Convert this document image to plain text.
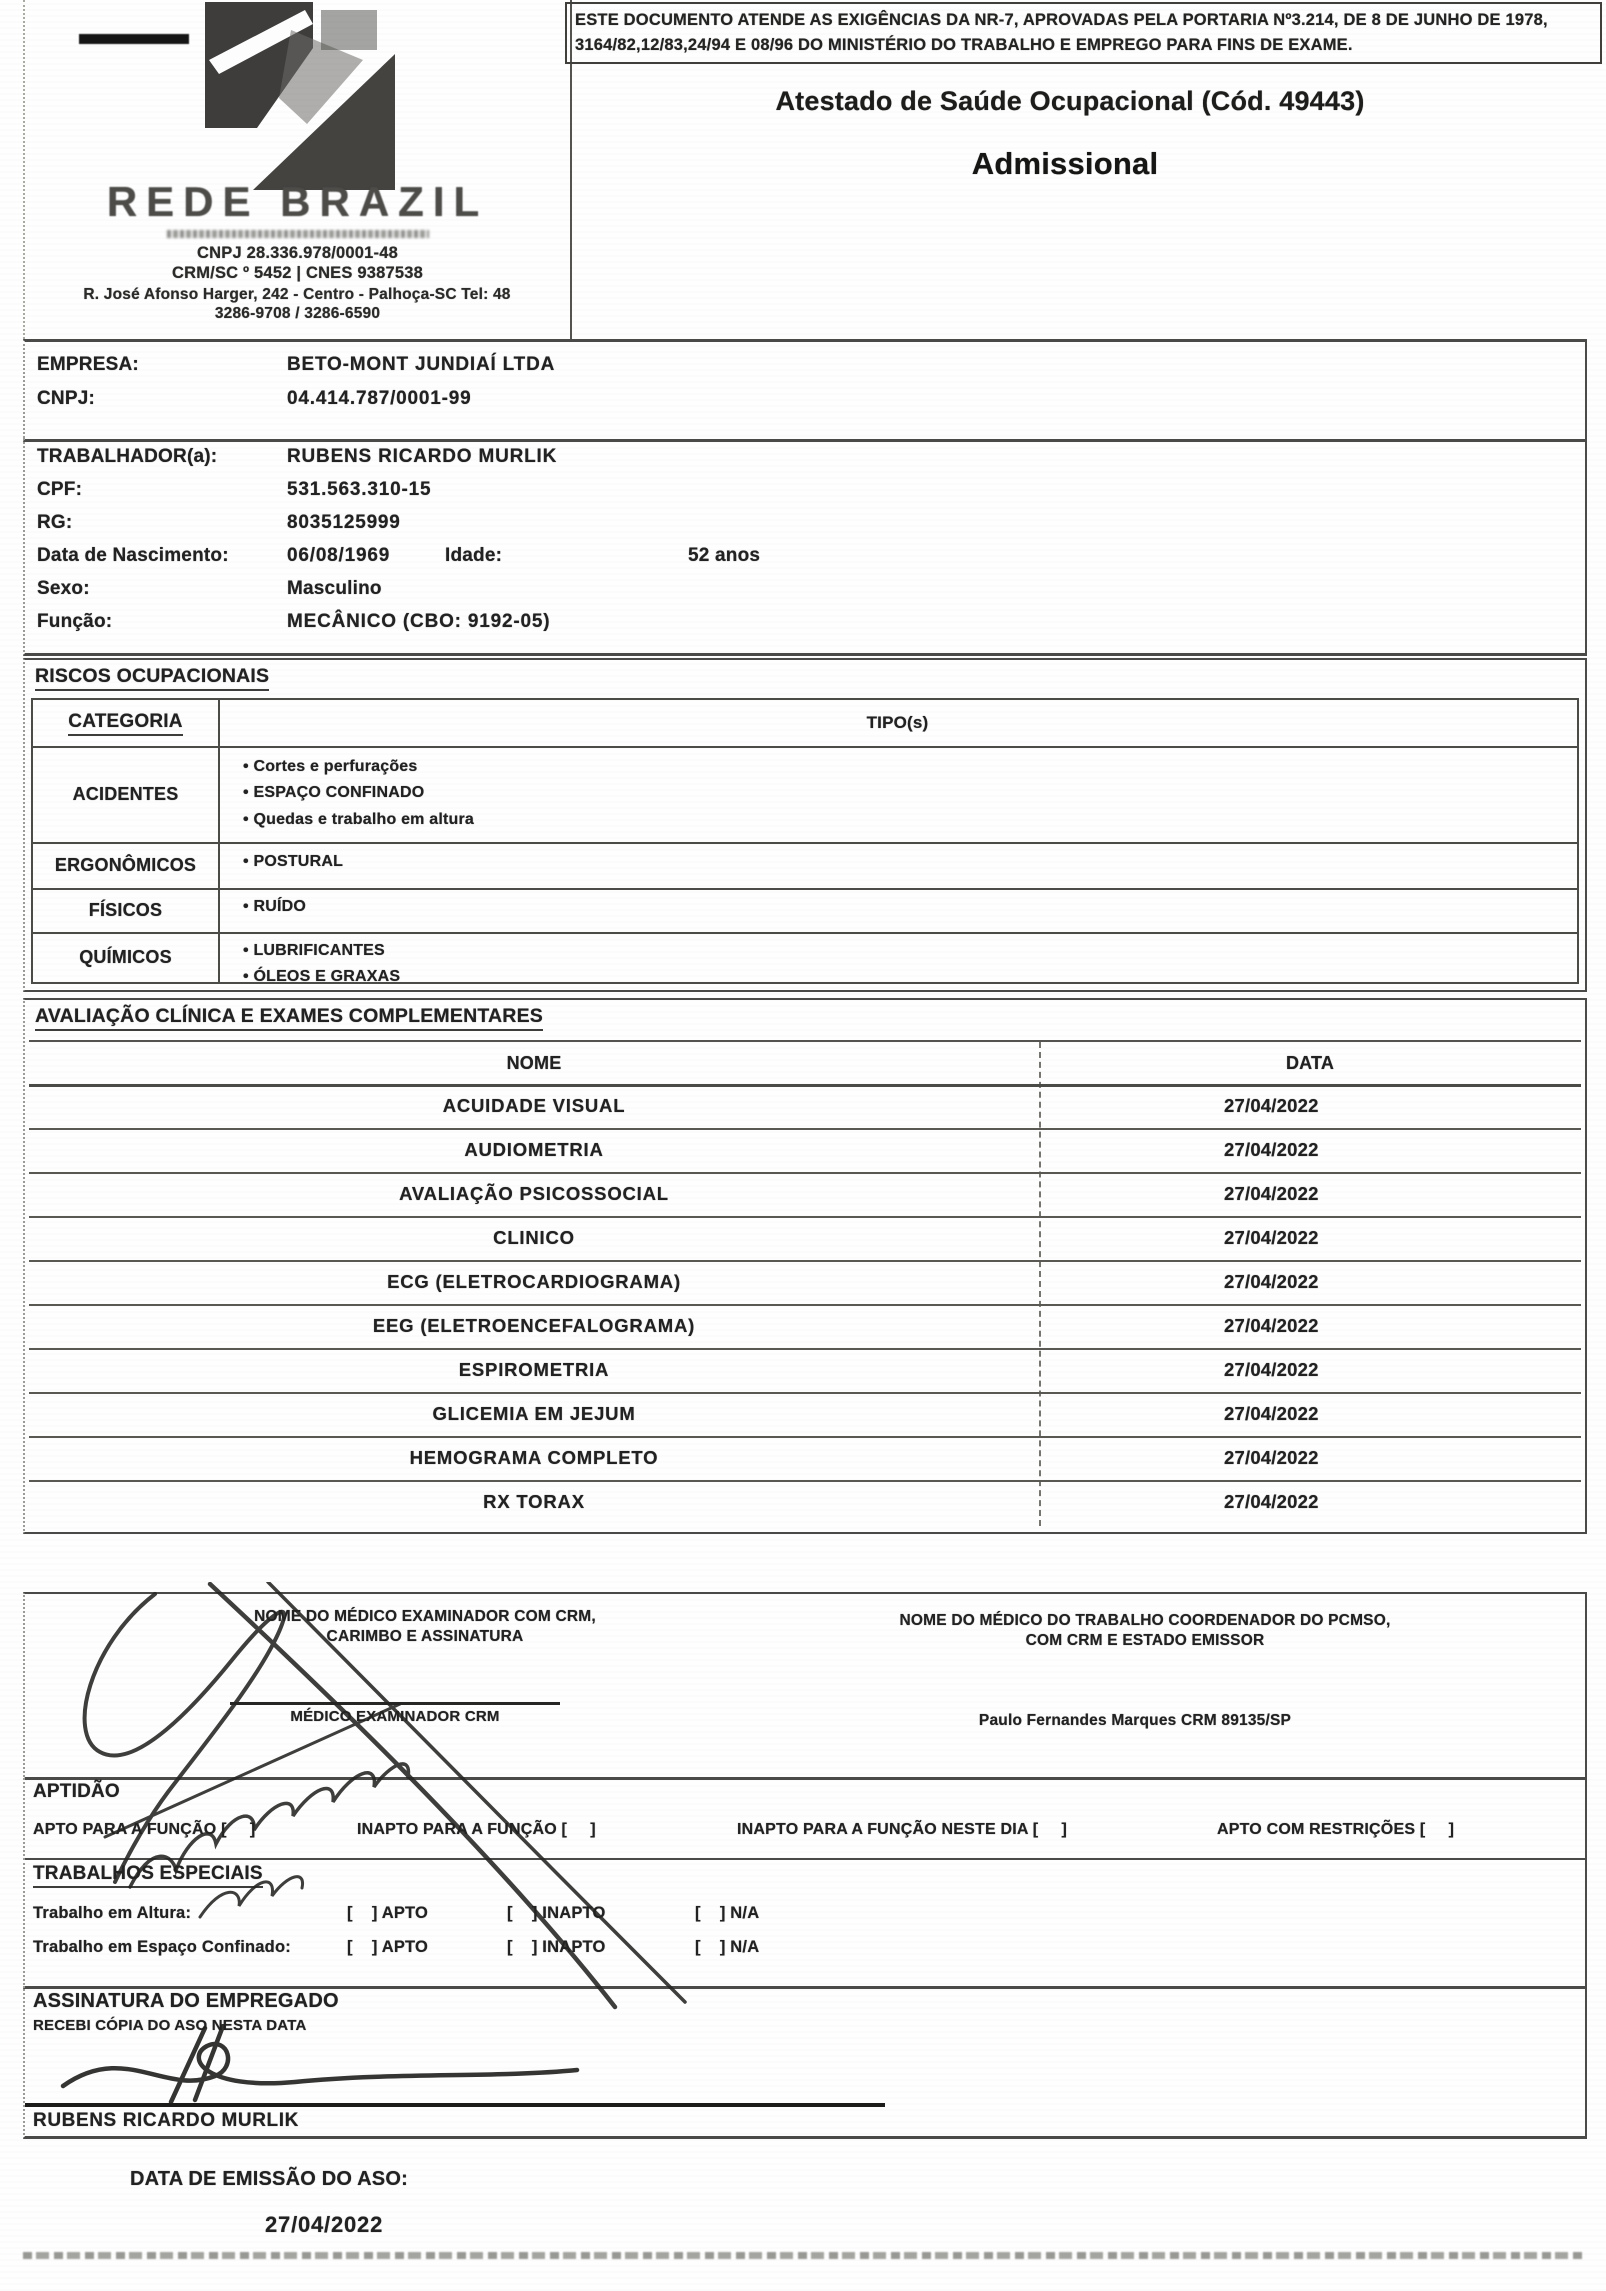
REDE BRAZIL
CNPJ 28.336.978/0001-48
CRM/SC º 5452 | CNES 9387538
R. José Afonso Harger, 242 - Centro - Palhoça-SC Tel: 48
3286-9708 / 3286-6590
ESTE DOCUMENTO ATENDE AS EXIGÊNCIAS DA NR-7, APROVADAS PELA PORTARIA Nº3.214, DE 8 DE JUNHO DE 1978,
3164/82,12/83,24/94 E 08/96 DO MINISTÉRIO DO TRABALHO E EMPREGO PARA FINS DE EXAME.
Atestado de Saúde Ocupacional (Cód. 49443)
Admissional
EMPRESA:	BETO-MONT JUNDIAÍ LTDA
CNPJ:	04.414.787/0001-99
TRABALHADOR(a):	RUBENS RICARDO MURLIK
CPF:	531.563.310-15
RG:	8035125999
Data de Nascimento:	06/08/1969	Idade:	52 anos
Sexo:	Masculino
Função:	MECÂNICO (CBO: 9192-05)
RISCOS OCUPACIONAIS
CATEGORIA	TIPO(s)
ACIDENTES
• Cortes e perfurações
• ESPAÇO CONFINADO
• Quedas e trabalho em altura
ERGONÔMICOS	• POSTURAL
FÍSICOS	• RUÍDO
QUÍMICOS	• LUBRIFICANTES
• ÓLEOS E GRAXAS
AVALIAÇÃO CLÍNICA E EXAMES COMPLEMENTARES
NOME	DATA
ACUIDADE VISUAL	27/04/2022
AUDIOMETRIA	27/04/2022
AVALIAÇÃO PSICOSSOCIAL	27/04/2022
CLINICO	27/04/2022
ECG (ELETROCARDIOGRAMA)	27/04/2022
EEG (ELETROENCEFALOGRAMA)	27/04/2022
ESPIROMETRIA	27/04/2022
GLICEMIA EM JEJUM	27/04/2022
HEMOGRAMA COMPLETO	27/04/2022
RX TORAX	27/04/2022
NOME DO MÉDICO EXAMINADOR COM CRM,
CARIMBO E ASSINATURA
MÉDICO EXAMINADOR CRM
NOME DO MÉDICO DO TRABALHO COORDENADOR DO PCMSO,
COM CRM E ESTADO EMISSOR
Paulo Fernandes Marques CRM 89135/SP
APTIDÃO
APTO PARA A FUNÇÃO [     ]	INAPTO PARA A FUNÇÃO [     ]	INAPTO PARA A FUNÇÃO NESTE DIA [     ]	APTO COM RESTRIÇÕES [     ]
TRABALHOS ESPECIAIS
Trabalho em Altura:	[    ] APTO	[    ] INAPTO	[    ] N/A
Trabalho em Espaço Confinado:	[    ] APTO	[    ] INAPTO	[    ] N/A
ASSINATURA DO EMPREGADO
RECEBI CÓPIA DO ASO NESTA DATA
RUBENS RICARDO MURLIK
DATA DE EMISSÃO DO ASO:
27/04/2022
